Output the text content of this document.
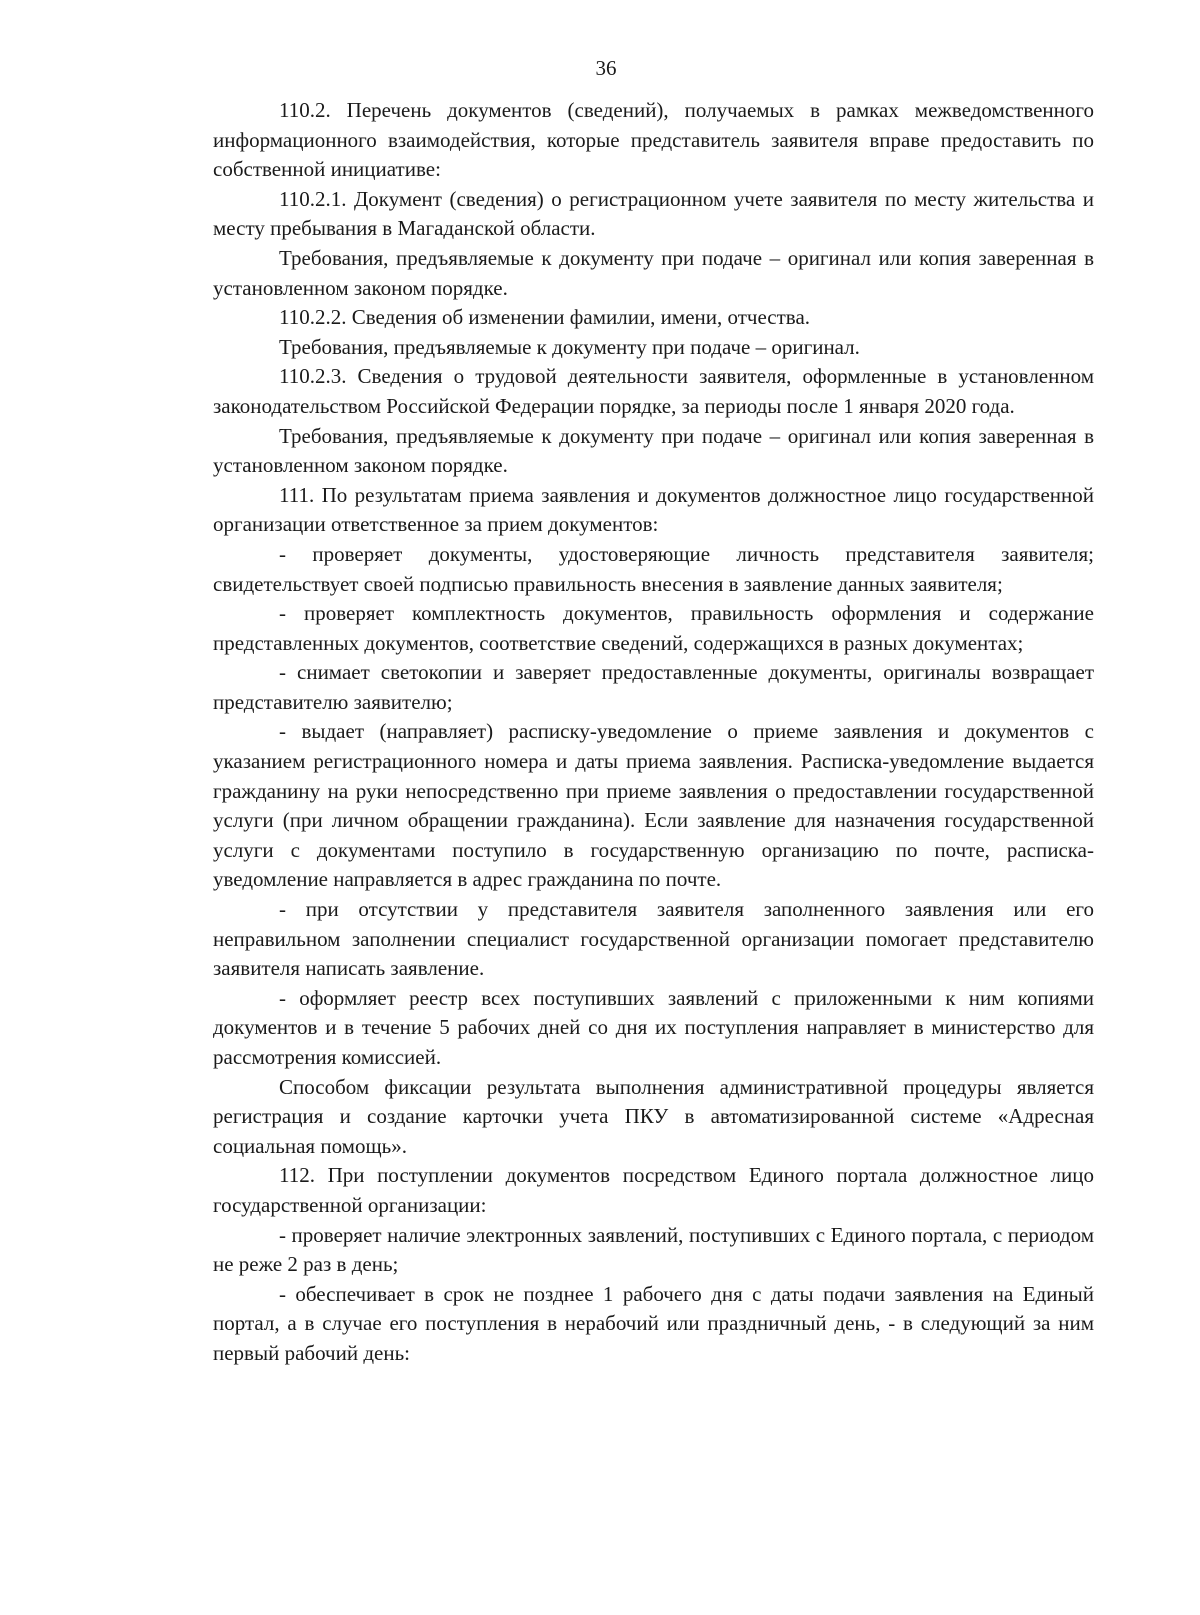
36

110.2. Перечень документов (сведений), получаемых в рамках межведомственного информационного взаимодействия, которые представитель заявителя вправе предоставить по собственной инициативе:

110.2.1. Документ (сведения) о регистрационном учете заявителя по месту жительства и месту пребывания в Магаданской области.

Требования, предъявляемые к документу при подаче – оригинал или копия заверенная в установленном законом порядке.

110.2.2. Сведения об изменении фамилии, имени, отчества.

Требования, предъявляемые к документу при подаче – оригинал.

110.2.3. Сведения о трудовой деятельности заявителя, оформленные в установленном законодательством Российской Федерации порядке, за периоды после 1 января 2020 года.

Требования, предъявляемые к документу при подаче – оригинал или копия заверенная в установленном законом порядке.

111. По результатам приема заявления и документов должностное лицо государственной организации ответственное за прием документов:

- проверяет документы, удостоверяющие личность представителя заявителя; свидетельствует своей подписью правильность внесения в заявление данных заявителя;

- проверяет комплектность документов, правильность оформления и содержание представленных документов, соответствие сведений, содержащихся в разных документах;

- снимает светокопии и заверяет предоставленные документы, оригиналы возвращает представителю заявителю;

- выдает (направляет) расписку-уведомление о приеме заявления и документов с указанием регистрационного номера и даты приема заявления. Расписка-уведомление выдается гражданину на руки непосредственно при приеме заявления о предоставлении государственной услуги (при личном обращении гражданина). Если заявление для назначения государственной услуги с документами поступило в государственную организацию по почте, расписка-уведомление направляется в адрес гражданина по почте.

- при отсутствии у представителя заявителя заполненного заявления или его неправильном заполнении специалист государственной организации помогает представителю заявителя написать заявление.

- оформляет реестр всех поступивших заявлений с приложенными к ним копиями документов и в течение 5 рабочих дней со дня их поступления направляет в министерство для рассмотрения комиссией.

Способом фиксации результата выполнения административной процедуры является регистрация и создание карточки учета ПКУ в автоматизированной системе «Адресная социальная помощь».

112. При поступлении документов посредством Единого портала должностное лицо государственной организации:

- проверяет наличие электронных заявлений, поступивших с Единого портала, с периодом не реже 2 раз в день;

- обеспечивает в срок не позднее 1 рабочего дня с даты подачи заявления на Единый портал, а в случае его поступления в нерабочий или праздничный день, - в следующий за ним первый рабочий день:
